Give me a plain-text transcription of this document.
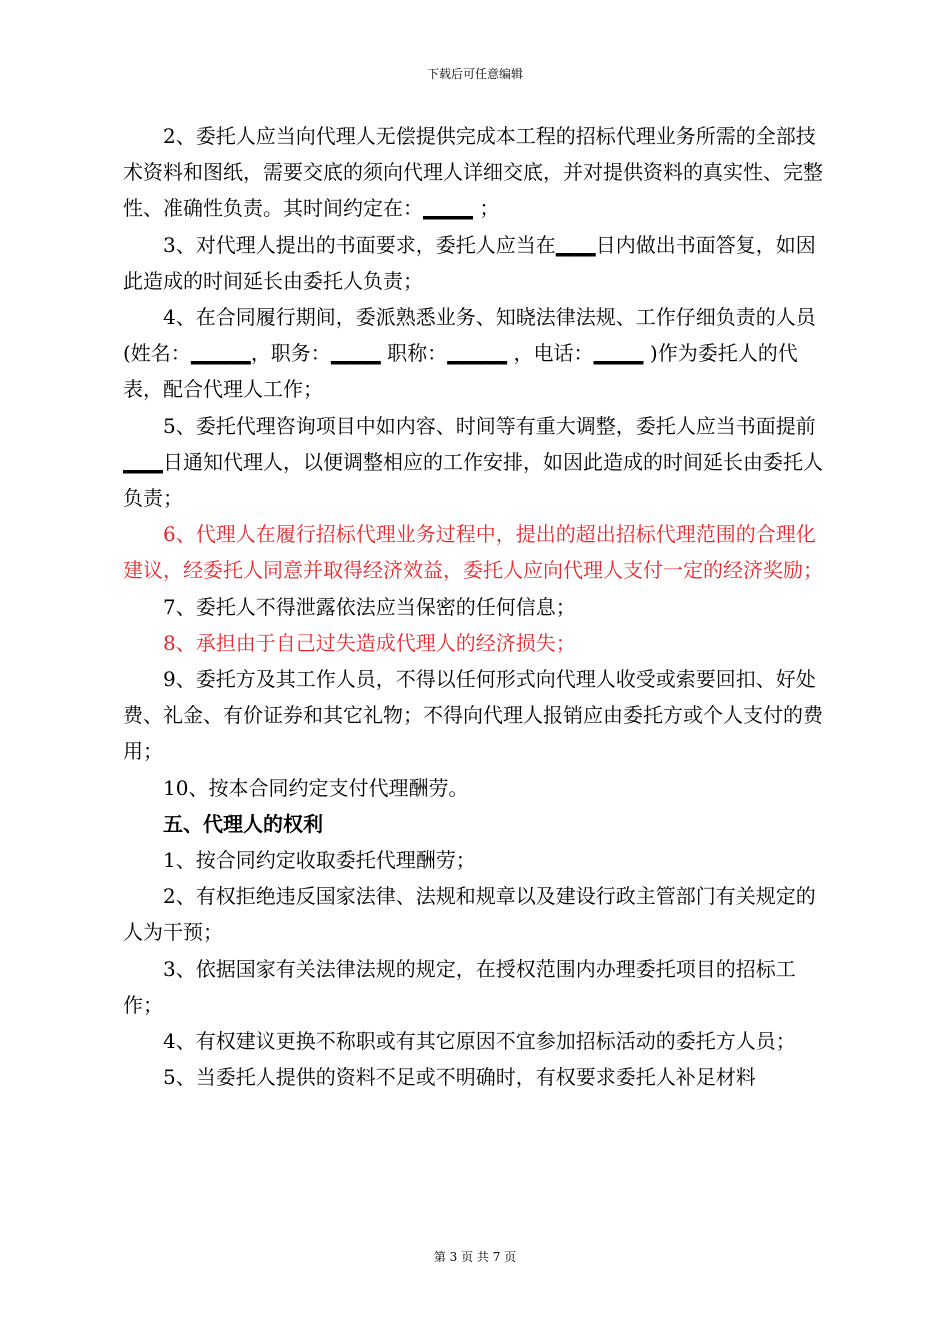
下载后可任意编辑

2、委托人应当向代理人无偿提供完成本工程的招标代理业务所需的全部技术资料和图纸，需要交底的须向代理人详细交底，并对提供资料的真实性、完整性、准确性负责。其时间约定在：_____ ；

3、对代理人提出的书面要求，委托人应当在____日内做出书面答复，如因此造成的时间延长由委托人负责；

4、在合同履行期间，委派熟悉业务、知晓法律法规、工作仔细负责的人员(姓名：______，职务：_____ 职称：______ ，电话：_____ )作为委托人的代表，配合代理人工作；

5、委托代理咨询项目中如内容、时间等有重大调整，委托人应当书面提前____日通知代理人，以便调整相应的工作安排，如因此造成的时间延长由委托人负责；

6、代理人在履行招标代理业务过程中，提出的超出招标代理范围的合理化建议，经委托人同意并取得经济效益，委托人应向代理人支付一定的经济奖励；

7、委托人不得泄露依法应当保密的任何信息；

8、承担由于自己过失造成代理人的经济损失；

9、委托方及其工作人员，不得以任何形式向代理人收受或索要回扣、好处费、礼金、有价证券和其它礼物；不得向代理人报销应由委托方或个人支付的费用；

10、按本合同约定支付代理酬劳。

五、代理人的权利

1、按合同约定收取委托代理酬劳；

2、有权拒绝违反国家法律、法规和规章以及建设行政主管部门有关规定的人为干预；

3、依据国家有关法律法规的规定，在授权范围内办理委托项目的招标工作；

4、有权建议更换不称职或有其它原因不宜参加招标活动的委托方人员；

5、当委托人提供的资料不足或不明确时，有权要求委托人补足材料

第 3 页 共 7 页
